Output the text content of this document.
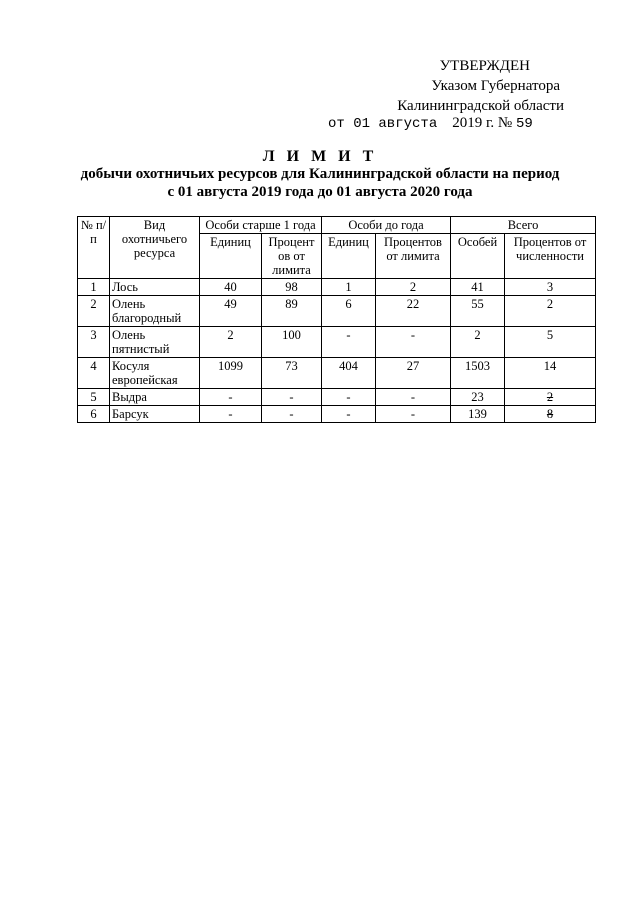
УТВЕРЖДЕН
Указом Губернатора
Калининградской области
от 01 августа 2019 г. № 59
Л И М И Т
добычи охотничьих ресурсов для Калининградской области на период
с 01 августа 2019 года до 01 августа 2020 года
№ п/п	Вид охотничьего ресурса	Особи старше 1 года		Особи до года		Всего	
		Единиц	Процент ов от лимита	Единиц	Процентов от лимита	Особей	Процентов от численности
1	Лось	40	98	1	2	41	3
2	Олень благородный	49	89	6	22	55	2
3	Олень пятнистый	2	100	-	-	2	5
4	Косуля европейская	1099	73	404	27	1503	14
5	Выдра	-	-	-	-	23	2
6	Барсук	-	-	-	-	139	8
